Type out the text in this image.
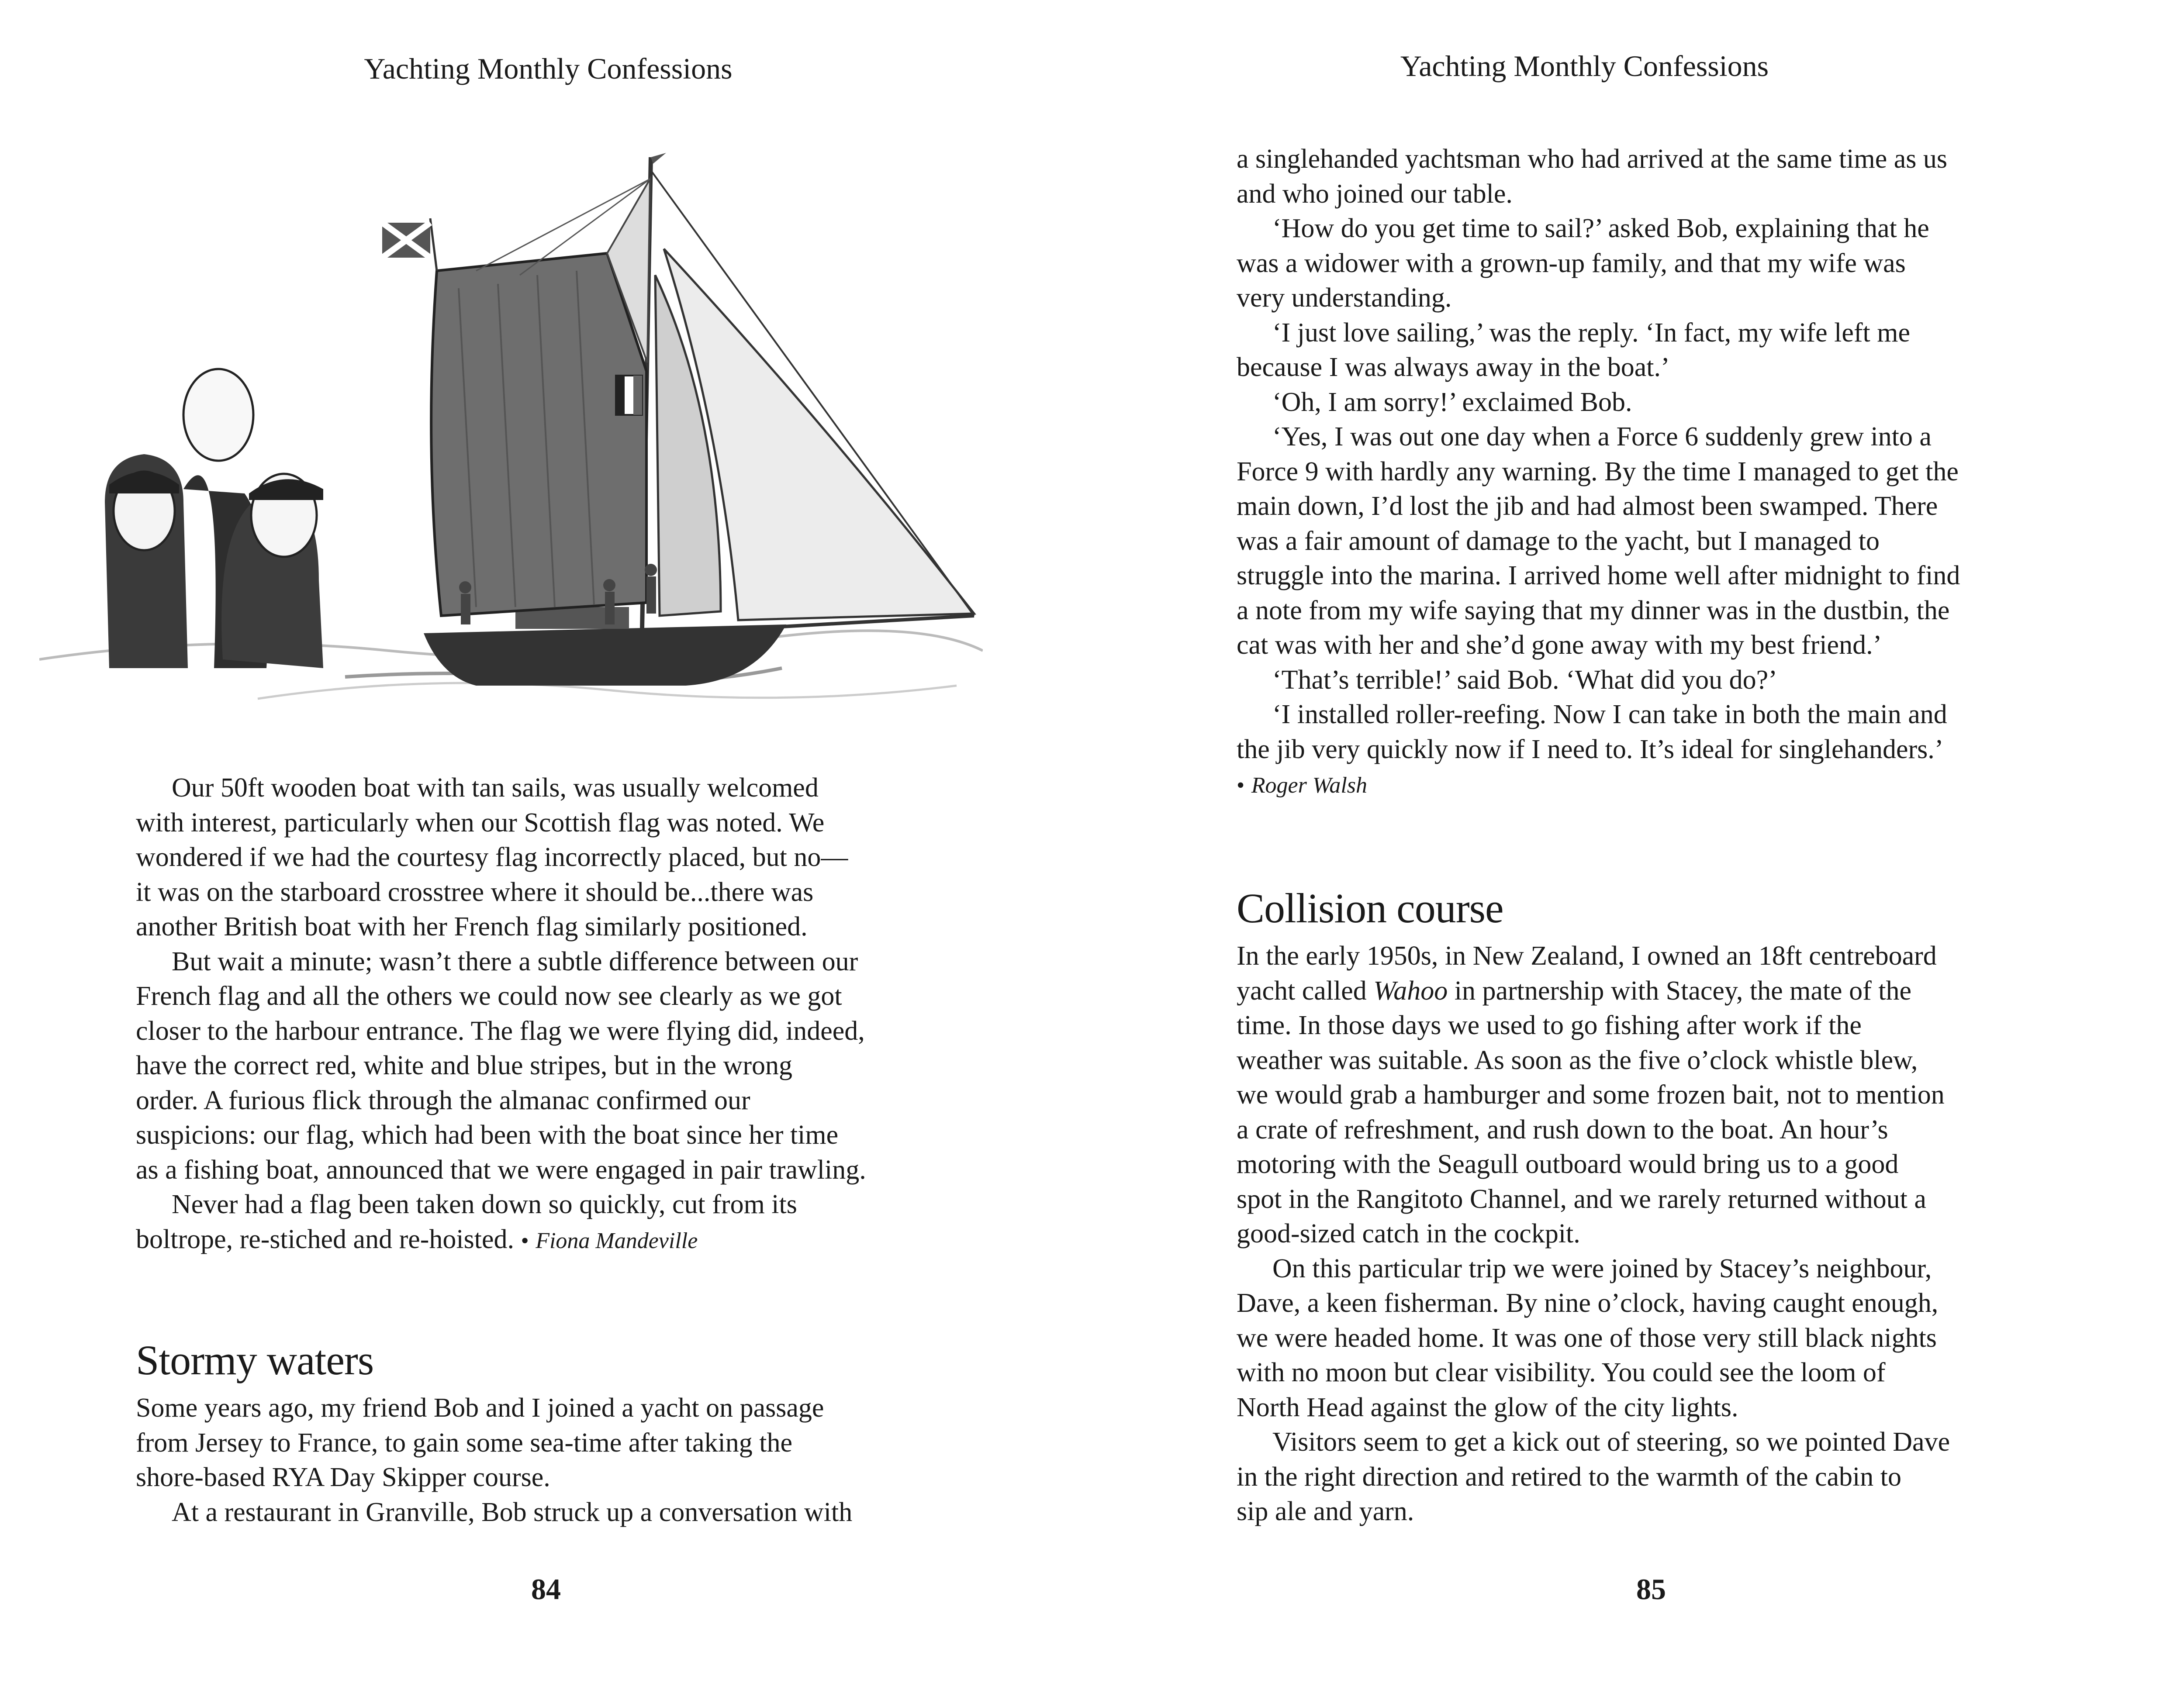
Yachting Monthly Confessions

Our 50ft wooden boat with tan sails, was usually welcomed

with interest, particularly when our Scottish flag was noted. We
wondered if we had the courtesy flag incorrectly placed, but no—
it was on the starboard crosstree where it should be...there was
another British boat with her French flag similarly positioned.

But wait a minute; wasn’t there a subtle difference between our

French flag and all the others we could now see clearly as we got
closer to the harbour entrance. The flag we were flying did, indeed,
have the correct red, white and blue stripes, but in the wrong
order. A furious flick through the almanac confirmed our
suspicions: our flag, which had been with the boat since her time
as a fishing boat, announced that we were engaged in pair trawling.

Never had a flag been taken down so quickly, cut from its

boltrope, re-stiched and re-hoisted. • Fiona Mandeville

Stormy waters

Some years ago, my friend Bob and I joined a yacht on passage
from Jersey to France, to gain some sea-time after taking the
shore-based RYA Day Skipper course.

At a restaurant in Granville, Bob struck up a conversation with

84
Yachting Monthly Confessions

a singlehanded yachtsman who had arrived at the same time as us
and who joined our table.

‘How do you get time to sail?’ asked Bob, explaining that he

was a widower with a grown-up family, and that my wife was
very understanding.

‘I just love sailing,’ was the reply. ‘In fact, my wife left me

because I was always away in the boat.’

‘Oh, I am sorry!’ exclaimed Bob.

‘Yes, I was out one day when a Force 6 suddenly grew into a

Force 9 with hardly any warning. By the time I managed to get the
main down, I’d lost the jib and had almost been swamped. There
was a fair amount of damage to the yacht, but I managed to
struggle into the marina. I arrived home well after midnight to find
a note from my wife saying that my dinner was in the dustbin, the
cat was with her and she’d gone away with my best friend.’

‘That’s terrible!’ said Bob. ‘What did you do?’

‘I installed roller-reefing. Now I can take in both the main and

the jib very quickly now if I need to. It’s ideal for singlehanders.’
• Roger Walsh

Collision course

In the early 1950s, in New Zealand, I owned an 18ft centreboard
yacht called Wahoo in partnership with Stacey, the mate of the
time. In those days we used to go fishing after work if the
weather was suitable. As soon as the five o’clock whistle blew,
we would grab a hamburger and some frozen bait, not to mention
a crate of refreshment, and rush down to the boat. An hour’s
motoring with the Seagull outboard would bring us to a good
spot in the Rangitoto Channel, and we rarely returned without a
good-sized catch in the cockpit.

On this particular trip we were joined by Stacey’s neighbour,

Dave, a keen fisherman. By nine o’clock, having caught enough,
we were headed home. It was one of those very still black nights
with no moon but clear visibility. You could see the loom of
North Head against the glow of the city lights.

Visitors seem to get a kick out of steering, so we pointed Dave

in the right direction and retired to the warmth of the cabin to
sip ale and yarn.

85
